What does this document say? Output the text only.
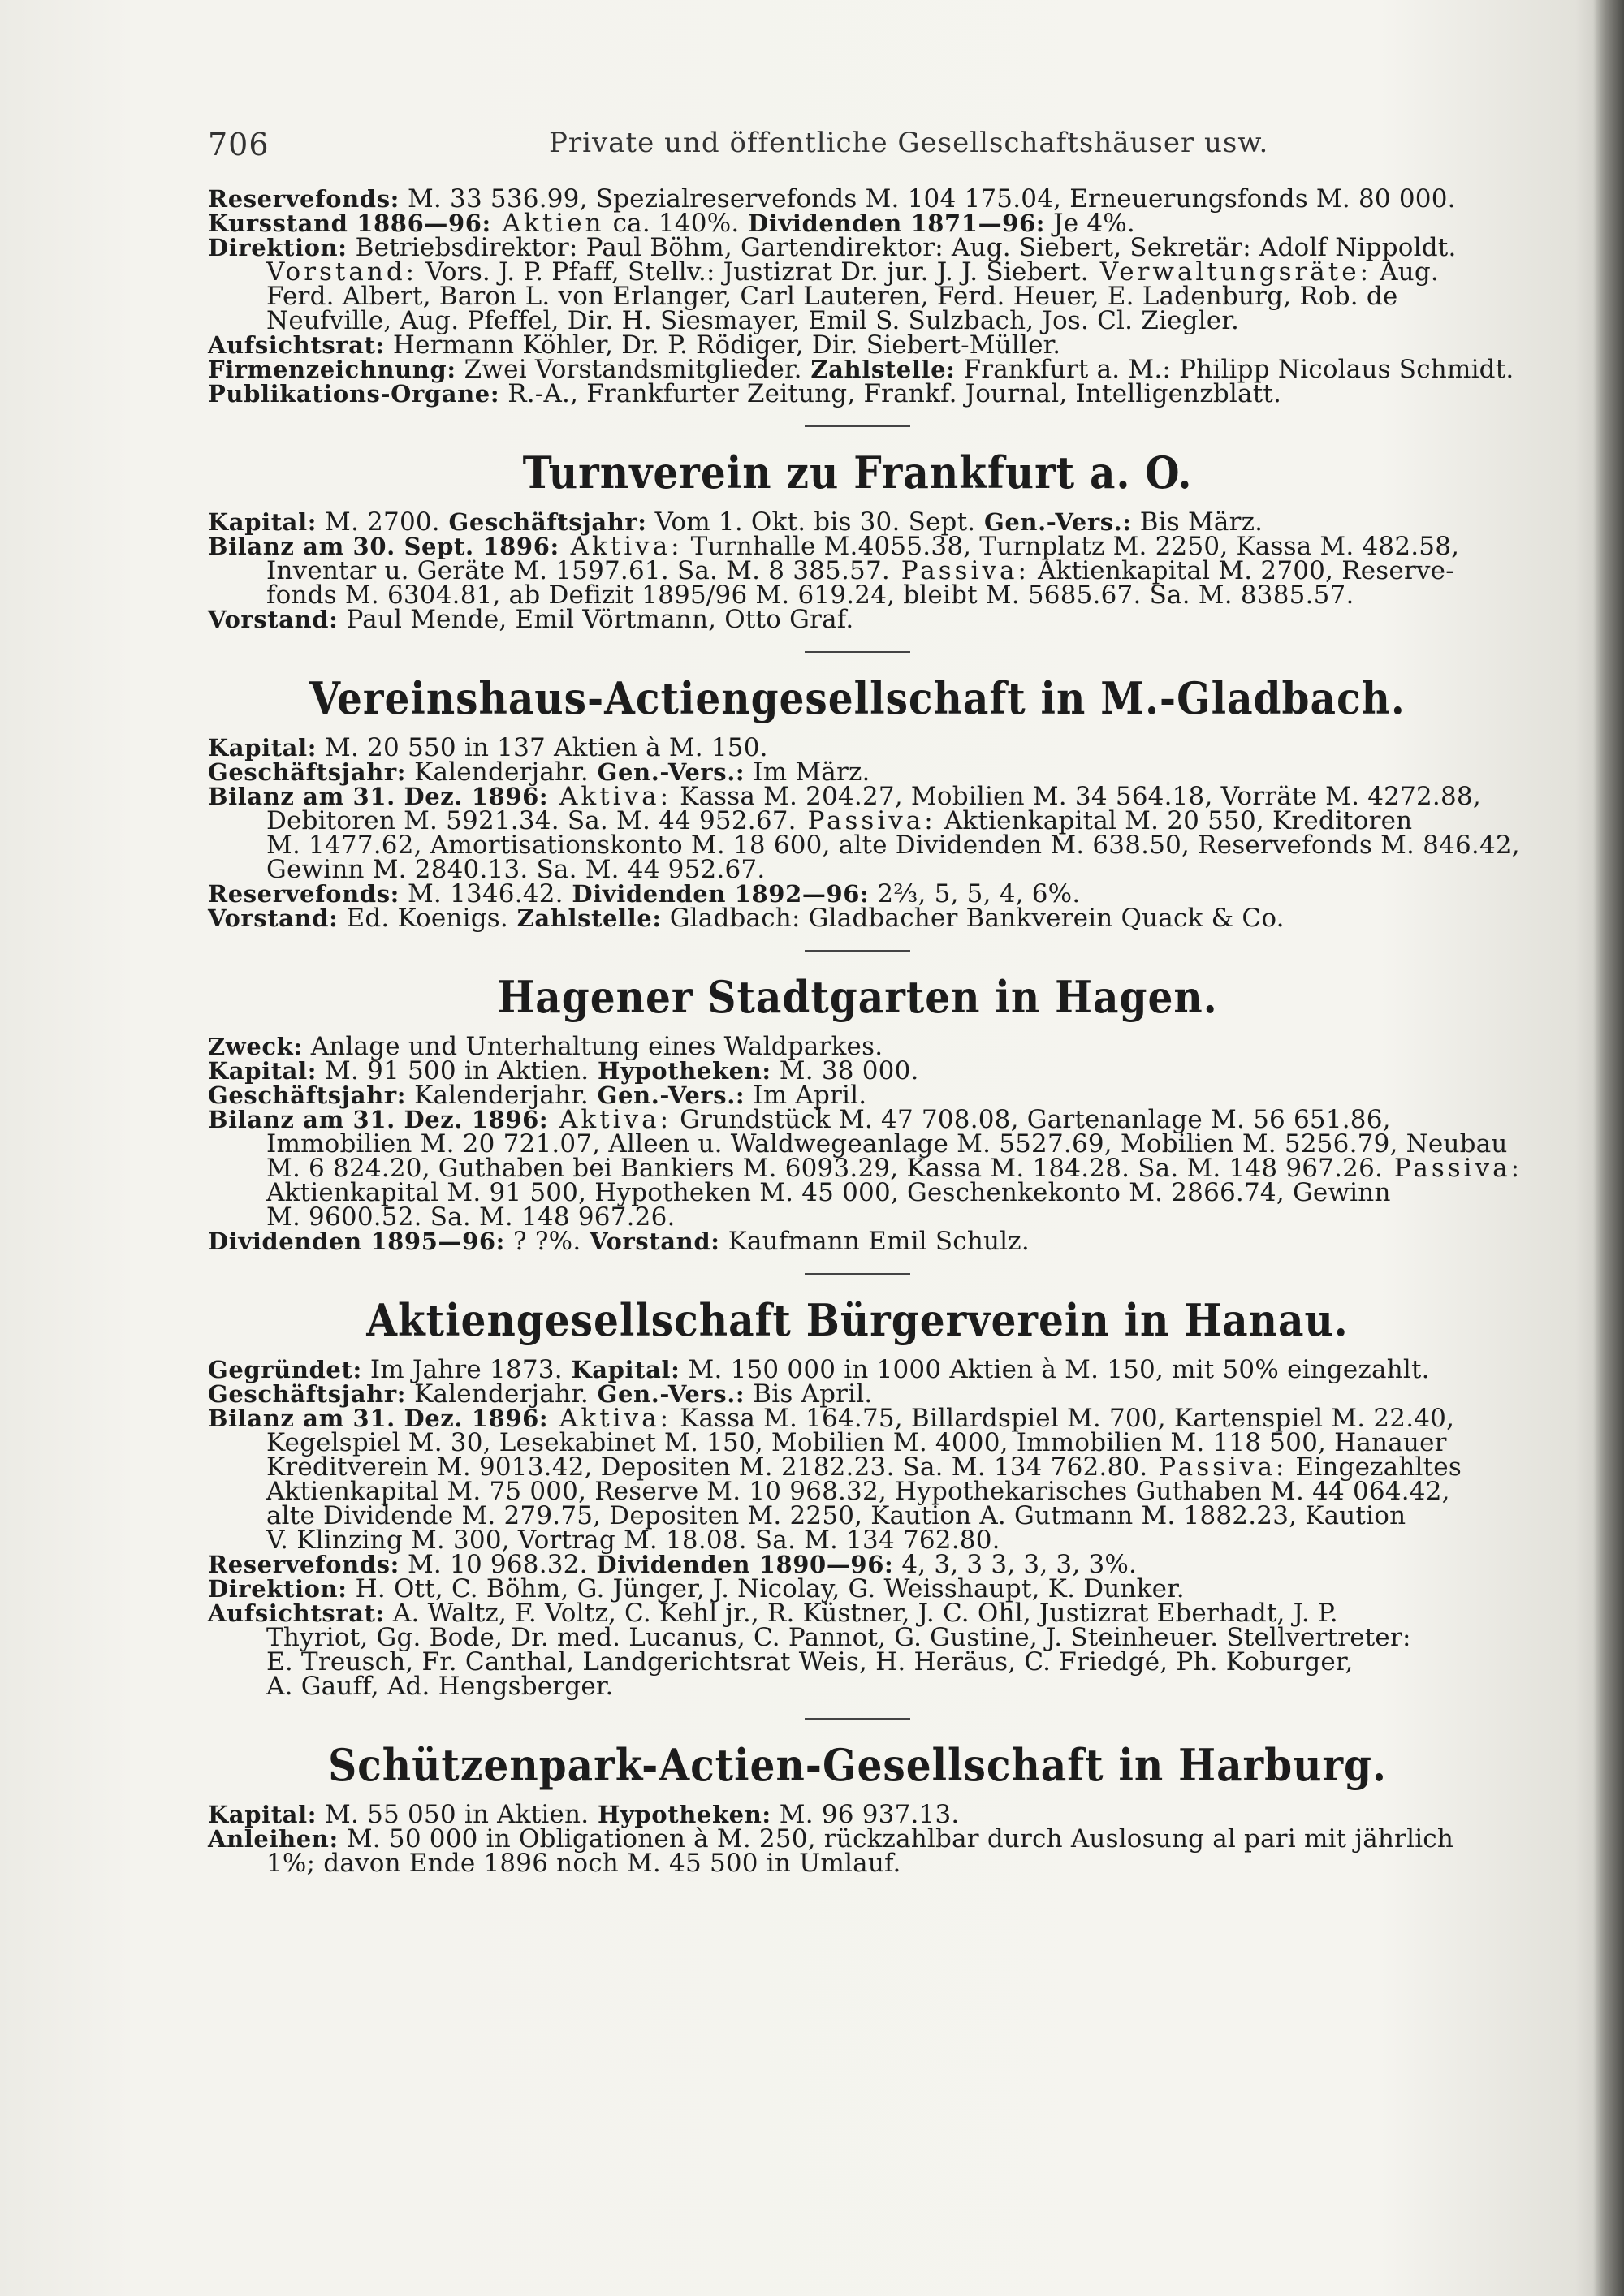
706	Private und öffentliche Gesellschaftshäuser usw.
Reservefonds: M. 33 536.99, Spezialreservefonds M. 104 175.04, Erneuerungsfonds M. 80 000.
Kursstand 1886—96: Aktien ca. 140%. Dividenden 1871—96: Je 4%.
Direktion: Betriebsdirektor: Paul Böhm, Gartendirektor: Aug. Siebert, Sekretär: Adolf Nippoldt.
Vorstand: Vors. J. P. Pfaff, Stellv.: Justizrat Dr. jur. J. J. Siebert. Verwaltungsräte: Aug.
Ferd. Albert, Baron L. von Erlanger, Carl Lauteren, Ferd. Heuer, E. Ladenburg, Rob. de
Neufville, Aug. Pfeffel, Dir. H. Siesmayer, Emil S. Sulzbach, Jos. Cl. Ziegler.
Aufsichtsrat: Hermann Köhler, Dr. P. Rödiger, Dir. Siebert-Müller.
Firmenzeichnung: Zwei Vorstandsmitglieder. Zahlstelle: Frankfurt a. M.: Philipp Nicolaus Schmidt.
Publikations-Organe: R.-A., Frankfurter Zeitung, Frankf. Journal, Intelligenzblatt.
Turnverein zu Frankfurt a. O.
Kapital: M. 2700. Geschäftsjahr: Vom 1. Okt. bis 30. Sept. Gen.-Vers.: Bis März.
Bilanz am 30. Sept. 1896: Aktiva: Turnhalle M.4055.38, Turnplatz M. 2250, Kassa M. 482.58,
Inventar u. Geräte M. 1597.61. Sa. M. 8 385.57. Passiva: Aktienkapital M. 2700, Reserve-
fonds M. 6304.81, ab Defizit 1895/96 M. 619.24, bleibt M. 5685.67. Sa. M. 8385.57.
Vorstand: Paul Mende, Emil Vörtmann, Otto Graf.
Vereinshaus-Actiengesellschaft in M.-Gladbach.
Kapital: M. 20 550 in 137 Aktien à M. 150.
Geschäftsjahr: Kalenderjahr. Gen.-Vers.: Im März.
Bilanz am 31. Dez. 1896: Aktiva: Kassa M. 204.27, Mobilien M. 34 564.18, Vorräte M. 4272.88,
Debitoren M. 5921.34. Sa. M. 44 952.67. Passiva: Aktienkapital M. 20 550, Kreditoren
M. 1477.62, Amortisationskonto M. 18 600, alte Dividenden M. 638.50, Reservefonds M. 846.42,
Gewinn M. 2840.13. Sa. M. 44 952.67.
Reservefonds: M. 1346.42. Dividenden 1892—96: 2⅔, 5, 5, 4, 6%.
Vorstand: Ed. Koenigs. Zahlstelle: Gladbach: Gladbacher Bankverein Quack & Co.
Hagener Stadtgarten in Hagen.
Zweck: Anlage und Unterhaltung eines Waldparkes.
Kapital: M. 91 500 in Aktien. Hypotheken: M. 38 000.
Geschäftsjahr: Kalenderjahr. Gen.-Vers.: Im April.
Bilanz am 31. Dez. 1896: Aktiva: Grundstück M. 47 708.08, Gartenanlage M. 56 651.86,
Immobilien M. 20 721.07, Alleen u. Waldwegeanlage M. 5527.69, Mobilien M. 5256.79, Neubau
M. 6 824.20, Guthaben bei Bankiers M. 6093.29, Kassa M. 184.28. Sa. M. 148 967.26. Passiva:
Aktienkapital M. 91 500, Hypotheken M. 45 000, Geschenkekonto M. 2866.74, Gewinn
M. 9600.52. Sa. M. 148 967.26.
Dividenden 1895—96: ? ?%. Vorstand: Kaufmann Emil Schulz.
Aktiengesellschaft Bürgerverein in Hanau.
Gegründet: Im Jahre 1873. Kapital: M. 150 000 in 1000 Aktien à M. 150, mit 50% eingezahlt.
Geschäftsjahr: Kalenderjahr. Gen.-Vers.: Bis April.
Bilanz am 31. Dez. 1896: Aktiva: Kassa M. 164.75, Billardspiel M. 700, Kartenspiel M. 22.40,
Kegelspiel M. 30, Lesekabinet M. 150, Mobilien M. 4000, Immobilien M. 118 500, Hanauer
Kreditverein M. 9013.42, Depositen M. 2182.23. Sa. M. 134 762.80. Passiva: Eingezahltes
Aktienkapital M. 75 000, Reserve M. 10 968.32, Hypothekarisches Guthaben M. 44 064.42,
alte Dividende M. 279.75, Depositen M. 2250, Kaution A. Gutmann M. 1882.23, Kaution
V. Klinzing M. 300, Vortrag M. 18.08. Sa. M. 134 762.80.
Reservefonds: M. 10 968.32. Dividenden 1890—96: 4, 3, 3 3, 3, 3, 3%.
Direktion: H. Ott, C. Böhm, G. Jünger, J. Nicolay, G. Weisshaupt, K. Dunker.
Aufsichtsrat: A. Waltz, F. Voltz, C. Kehl jr., R. Küstner, J. C. Ohl, Justizrat Eberhadt, J. P.
Thyriot, Gg. Bode, Dr. med. Lucanus, C. Pannot, G. Gustine, J. Steinheuer. Stellvertreter:
E. Treusch, Fr. Canthal, Landgerichtsrat Weis, H. Heräus, C. Friedgé, Ph. Koburger,
A. Gauff, Ad. Hengsberger.
Schützenpark-Actien-Gesellschaft in Harburg.
Kapital: M. 55 050 in Aktien. Hypotheken: M. 96 937.13.
Anleihen: M. 50 000 in Obligationen à M. 250, rückzahlbar durch Auslosung al pari mit jährlich
1%; davon Ende 1896 noch M. 45 500 in Umlauf.
